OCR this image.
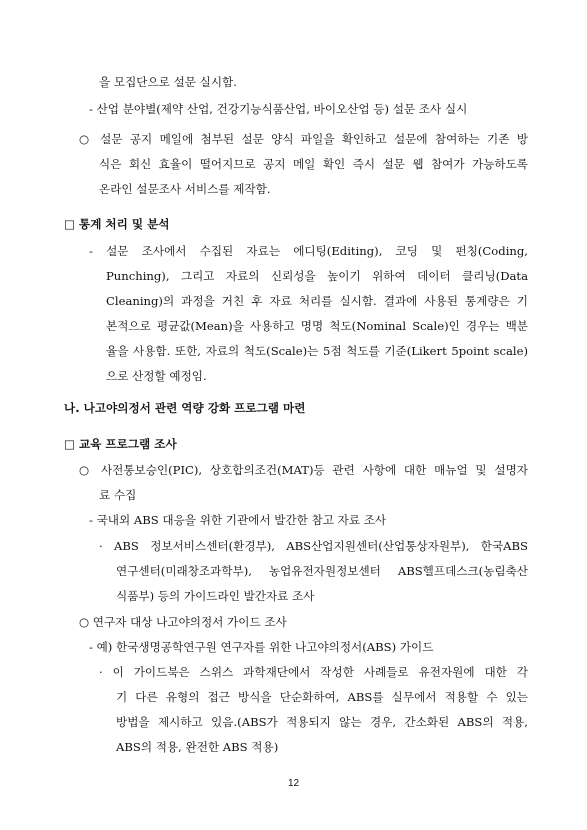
을 모집단으로 설문 실시함.
- 산업 분야별(제약 산업, 건강기능식품산업, 바이오산업 등) 설문 조사 실시
○ 설문 공지 메일에 첨부된 설문 양식 파일을 확인하고 설문에 참여하는 기존 방
식은 회신 효율이 떨어지므로 공지 메일 확인 즉시 설문 웹 참여가 가능하도록
온라인 설문조사 서비스를 제작함.
□ 통계 처리 및 분석
- 설문 조사에서 수집된 자료는 에디팅(Editing), 코딩 및 펀칭(Coding,
Punching), 그리고 자료의 신뢰성을 높이기 위하여 데이터 클리닝(Data
Cleaning)의 과정을 거친 후 자료 처리를 실시함. 결과에 사용된 통계량은 기
본적으로 평균값(Mean)을 사용하고 명명 척도(Nominal Scale)인 경우는 백분
율을 사용함. 또한, 자료의 척도(Scale)는 5점 척도를 기준(Likert 5point scale)
으로 산정할 예정임.
나. 나고야의정서 관련 역량 강화 프로그램 마련
□ 교육 프로그램 조사
○ 사전통보승인(PIC), 상호합의조건(MAT)등 관련 사항에 대한 매뉴얼 및 설명자
료 수집
- 국내외 ABS 대응을 위한 기관에서 발간한 참고 자료 조사
· ABS 정보서비스센터(환경부), ABS산업지원센터(산업통상자원부), 한국ABS
연구센터(미래창조과학부), 농업유전자원정보센터 ABS헬프데스크(농림축산
식품부) 등의 가이드라인 발간자료 조사
○ 연구자 대상 나고야의정서 가이드 조사
- 예) 한국생명공학연구원 연구자를 위한 나고야의정서(ABS) 가이드
· 이 가이드북은 스위스 과학재단에서 작성한 사례들로 유전자원에 대한 각
기 다른 유형의 접근 방식을 단순화하여, ABS를 실무에서 적용할 수 있는
방법을 제시하고 있음.(ABS가 적용되지 않는 경우, 간소화된 ABS의 적용,
ABS의 적용, 완전한 ABS 적용)
12
